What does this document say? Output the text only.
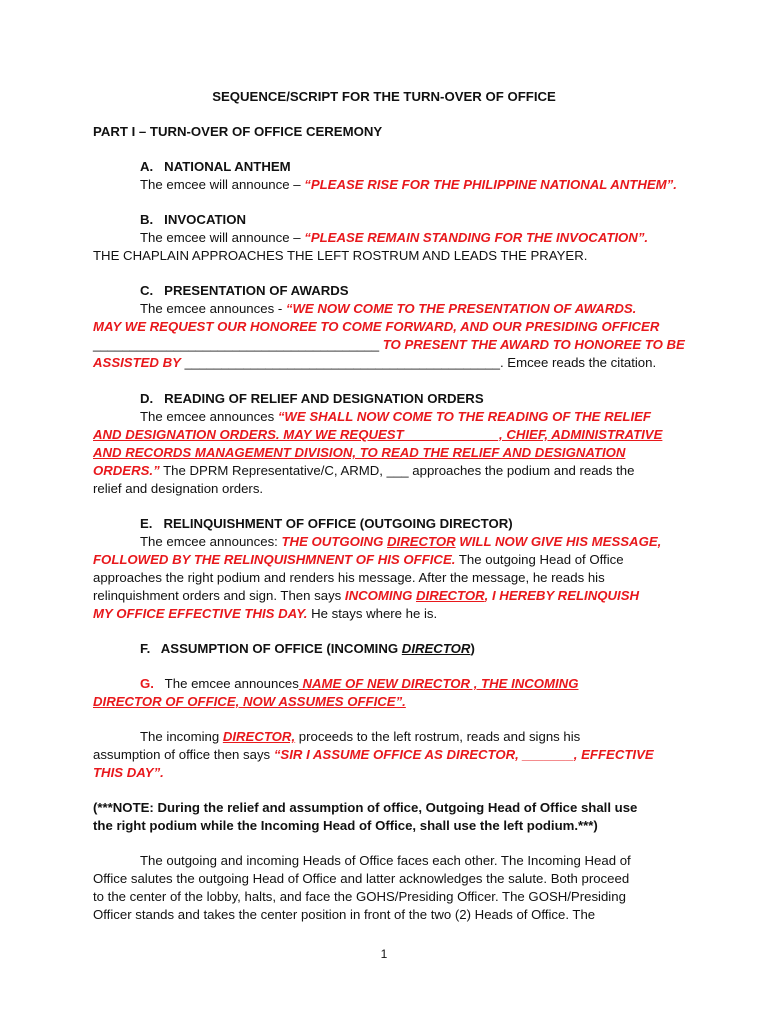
SEQUENCE/SCRIPT FOR THE TURN-OVER OF OFFICE
PART I – TURN-OVER OF OFFICE CEREMONY
A.   NATIONAL ANTHEM
The emcee will announce – “PLEASE RISE FOR THE PHILIPPINE NATIONAL ANTHEM”.
B.   INVOCATION
The emcee will announce – “PLEASE REMAIN STANDING FOR THE INVOCATION”.
THE CHAPLAIN APPROACHES THE LEFT ROSTRUM AND LEADS THE PRAYER.
C.   PRESENTATION OF AWARDS
The emcee announces - “WE NOW COME TO THE PRESENTATION OF AWARDS.
MAY WE REQUEST OUR HONOREE TO COME FORWARD, AND OUR PRESIDING OFFICER
_______________________________________ TO PRESENT THE AWARD TO HONOREE TO BE
ASSISTED BY ___________________________________________. Emcee reads the citation.
D.   READING OF RELIEF AND DESIGNATION ORDERS
The emcee announces “WE SHALL NOW COME TO THE READING OF THE RELIEF
AND DESIGNATION ORDERS. MAY WE REQUEST_____________, CHIEF, ADMINISTRATIVE
AND RECORDS MANAGEMENT DIVISION, TO READ THE RELIEF AND DESIGNATION
ORDERS.” The DPRM Representative/C, ARMD, ___ approaches the podium and reads the
relief and designation orders.
E.   RELINQUISHMENT OF OFFICE (OUTGOING DIRECTOR)
The emcee announces: THE OUTGOING DIRECTOR WILL NOW GIVE HIS MESSAGE,
FOLLOWED BY THE RELINQUISHMNENT OF HIS OFFICE. The outgoing Head of Office
approaches the right podium and renders his message. After the message, he reads his
relinquishment orders and sign. Then says INCOMING DIRECTOR, I HEREBY RELINQUISH
MY OFFICE EFFECTIVE THIS DAY. He stays where he is.
F.   ASSUMPTION OF OFFICE (INCOMING DIRECTOR)
G.   The emcee announces NAME OF NEW DIRECTOR , THE INCOMING
DIRECTOR OF OFFICE, NOW ASSUMES OFFICE”.
The incoming DIRECTOR, proceeds to the left rostrum, reads and signs his
assumption of office then says “SIR I ASSUME OFFICE AS DIRECTOR, _______, EFFECTIVE
THIS DAY”.
(***NOTE: During the relief and assumption of office, Outgoing Head of Office shall use
the right podium while the Incoming Head of Office, shall use the left podium.***)
The outgoing and incoming Heads of Office faces each other. The Incoming Head of
Office salutes the outgoing Head of Office and latter acknowledges the salute. Both proceed
to the center of the lobby, halts, and face the GOHS/Presiding Officer. The GOSH/Presiding
Officer stands and takes the center position in front of the two (2) Heads of Office. The
1
